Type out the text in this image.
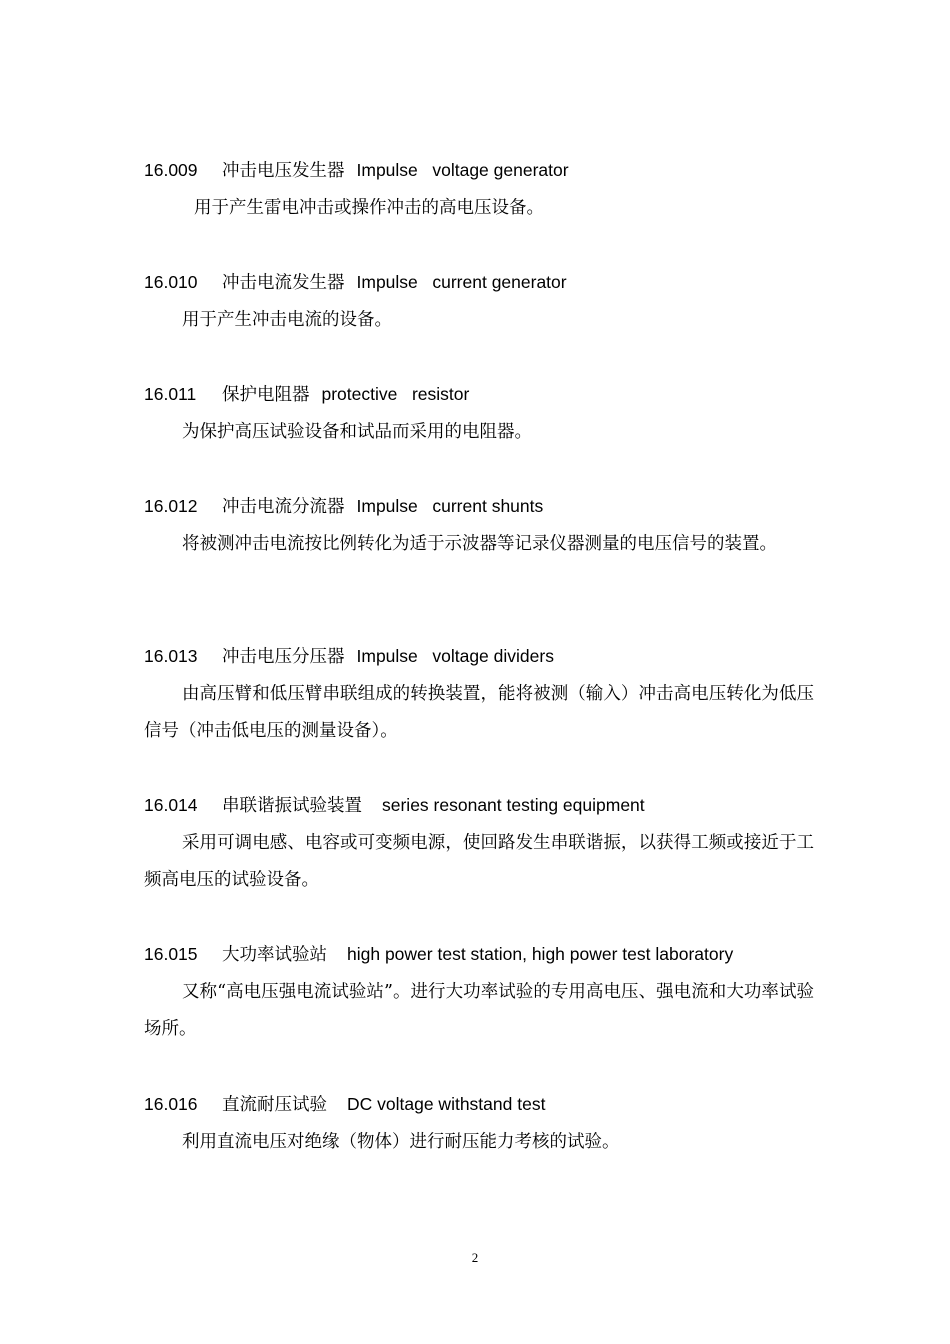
16.009 冲击电压发生器 Impulse   voltage generator
用于产生雷电冲击或操作冲击的高电压设备。
16.010 冲击电流发生器 Impulse   current generator
用于产生冲击电流的设备。
16.011 保护电阻器 protective   resistor
为保护高压试验设备和试品而采用的电阻器。
16.012 冲击电流分流器 Impulse   current shunts
将被测冲击电流按比例转化为适于示波器等记录仪器测量的电压信号的装置。
16.013 冲击电压分压器 Impulse   voltage dividers
由高压臂和低压臂串联组成的转换装置，能将被测（输入）冲击高电压转化为低压信号（冲击低电压的测量设备）。
16.014 串联谐振试验装置 series resonant testing equipment
采用可调电感、电容或可变频电源，使回路发生串联谐振，以获得工频或接近于工频高电压的试验设备。
16.015 大功率试验站 high power test station, high power test laboratory
又称“高电压强电流试验站”。进行大功率试验的专用高电压、强电流和大功率试验场所。
16.016 直流耐压试验 DC voltage withstand test
利用直流电压对绝缘（物体）进行耐压能力考核的试验。
2
